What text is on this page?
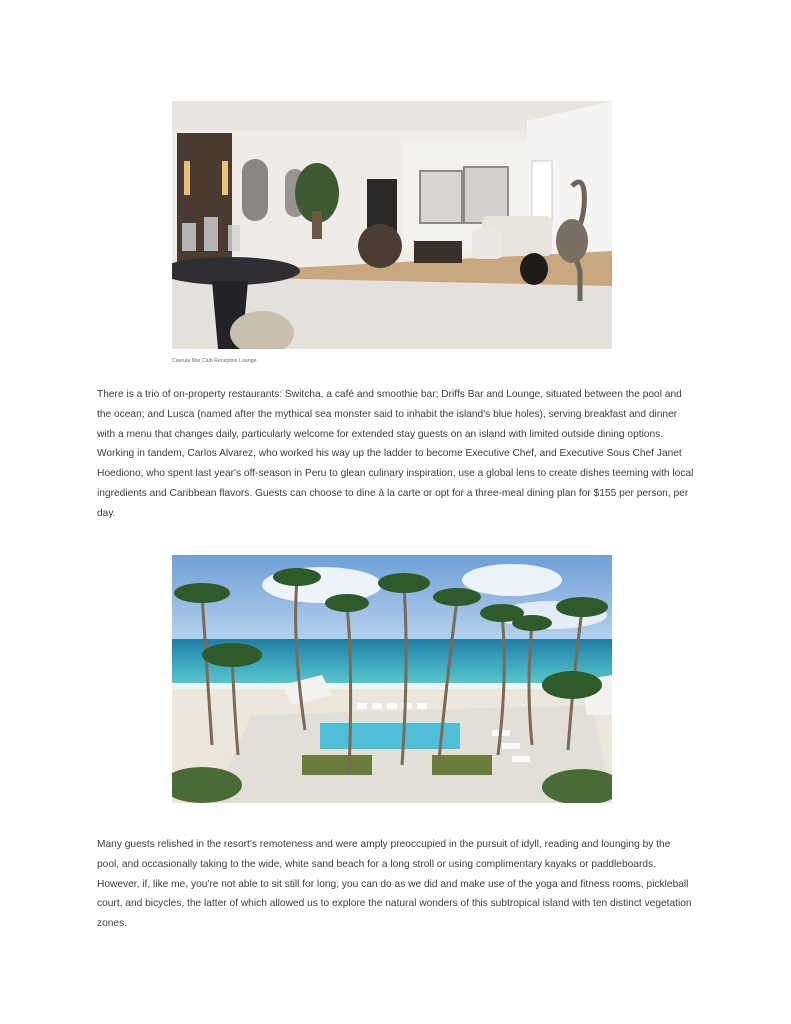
Caerula Mar Club Reception Lounge.

There is a trio of on-property restaurants: Switcha, a café and smoothie bar; Driffs Bar and Lounge, situated between the pool and the ocean; and Lusca (named after the mythical sea monster said to inhabit the island's blue holes), serving breakfast and dinner with a menu that changes daily, particularly welcome for extended stay guests on an island with limited outside dining options. Working in tandem, Carlos Alvarez, who worked his way up the ladder to become Executive Chef, and Executive Sous Chef Janet Hoediono, who spent last year's off-season in Peru to glean culinary inspiration, use a global lens to create dishes teeming with local ingredients and Caribbean flavors. Guests can choose to dine à la carte or opt for a three-meal dining plan for $155 per person, per day.

Many guests relished in the resort's remoteness and were amply preoccupied in the pursuit of idyll, reading and lounging by the pool, and occasionally taking to the wide, white sand beach for a long stroll or using complimentary kayaks or paddleboards. However, if, like me, you're not able to sit still for long, you can do as we did and make use of the yoga and fitness rooms, pickleball court, and bicycles, the latter of which allowed us to explore the natural wonders of this subtropical island with ten distinct vegetation zones.
